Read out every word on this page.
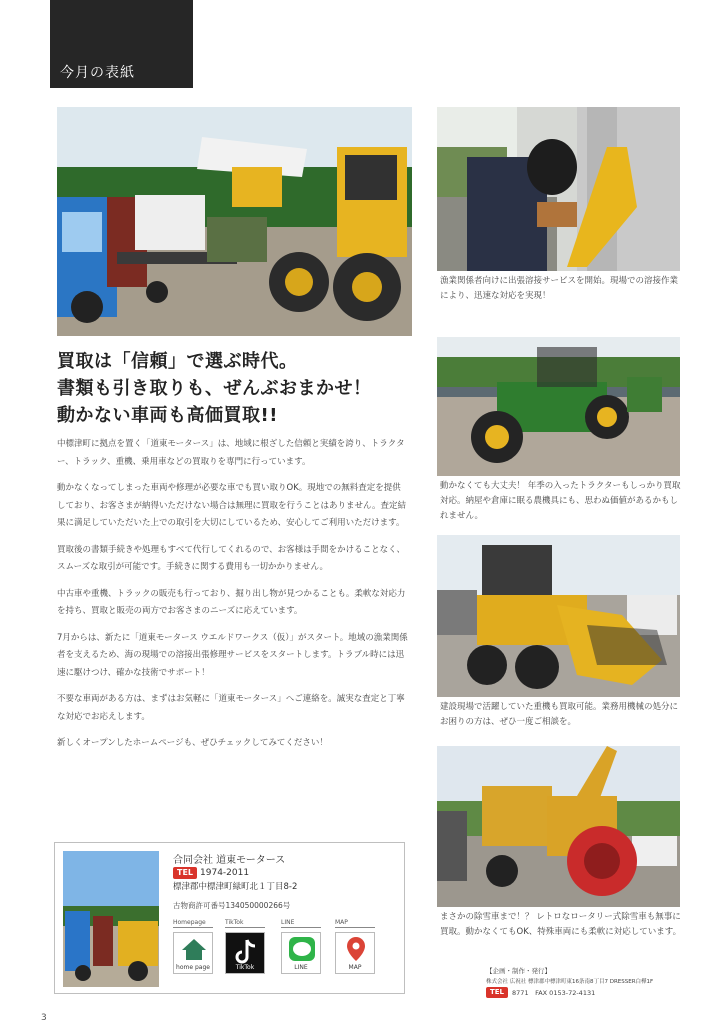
今月の表紙
漁業関係者向けに出張溶接サービスを開始。現場での溶接作業により、迅速な対応を実現！
動かなくても大丈夫！ 年季の入ったトラクターもしっかり買取対応。納屋や倉庫に眠る農機具にも、思わぬ価値があるかもしれません。
建設現場で活躍していた重機も買取可能。業務用機械の処分にお困りの方は、ぜひ一度ご相談を。
まさかの除雪車まで！？ レトロなロータリー式除雪車も無事に買取。動かなくてもOK、特殊車両にも柔軟に対応しています。
買取は「信頼」で選ぶ時代。
書類も引き取りも、ぜんぶおまかせ！
動かない車両も高価買取!!

中標津町に拠点を置く「道東モータース」は、地域に根ざした信頼と実績を誇り、トラクター、トラック、重機、乗用車などの買取りを専門に行っています。

動かなくなってしまった車両や修理が必要な車でも買い取りOK。現地での無料査定を提供しており、お客さまが納得いただけない場合は無理に買取を行うことはありません。査定結果に満足していただいた上での取引を大切にしているため、安心してご利用いただけます。

買取後の書類手続きや処理もすべて代行してくれるので、お客様は手間をかけることなく、スムーズな取引が可能です。手続きに関する費用も一切かかりません。

中古車や重機、トラックの販売も行っており、掘り出し物が見つかることも。柔軟な対応力を持ち、買取と販売の両方でお客さまのニーズに応えています。

7月からは、新たに「道東モータース ウエルドワークス（仮）」がスタート。地域の漁業関係者を支えるため、海の現場での溶接出張修理サービスをスタートします。トラブル時には迅速に駆けつけ、確かな技術でサポート！

不要な車両がある方は、まずはお気軽に「道東モータース」へご連絡を。誠実な査定と丁寧な対応でお応えします。

新しくオープンしたホームページも、ぜひチェックしてみてください！

合同会社 道東モータース
TEL 1974-2011
標津郡中標津町緑町北１丁目8-2
古物商許可番号134050000266号
Homepage
home page
TikTok
TikTok
LINE
LINE
MAP
MAP	【企画・制作・発行】
株式会社 広祝社 標津郡中標津町東16条南8丁目7 DRESSER白樺1F
TEL	8771　FAX 0153-72-4131
3
